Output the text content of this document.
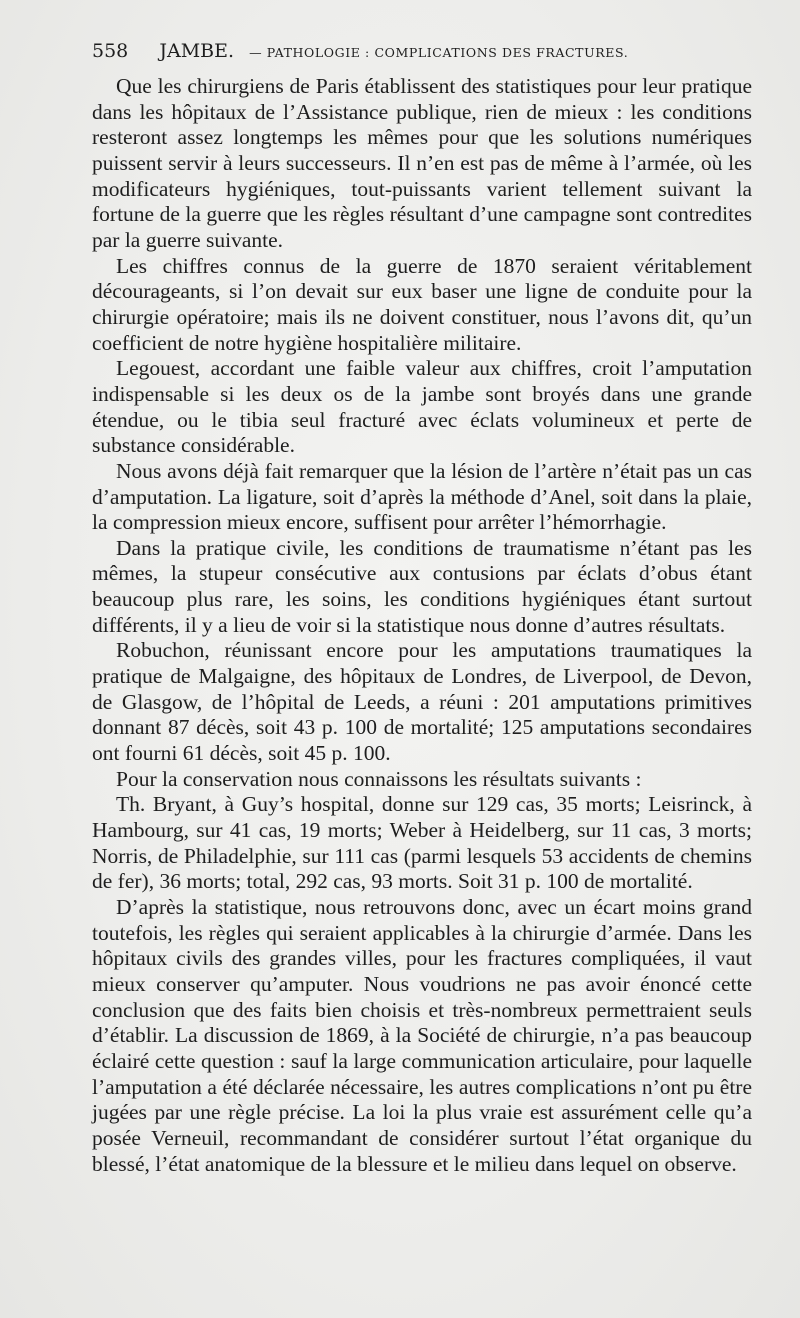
558 JAMBE. — PATHOLOGIE : COMPLICATIONS DES FRACTURES.

Que les chirurgiens de Paris établissent des statistiques pour leur pratique dans les hôpitaux de l’Assistance publique, rien de mieux : les conditions resteront assez longtemps les mêmes pour que les solutions numériques puissent servir à leurs successeurs. Il n’en est pas de même à l’armée, où les modificateurs hygiéniques, tout-puissants varient tellement suivant la fortune de la guerre que les règles résultant d’une campagne sont contredites par la guerre suivante.

Les chiffres connus de la guerre de 1870 seraient véritablement décourageants, si l’on devait sur eux baser une ligne de conduite pour la chirurgie opératoire; mais ils ne doivent constituer, nous l’avons dit, qu’un coefficient de notre hygiène hospitalière militaire.

Legouest, accordant une faible valeur aux chiffres, croit l’amputation indispensable si les deux os de la jambe sont broyés dans une grande étendue, ou le tibia seul fracturé avec éclats volumineux et perte de substance considérable.

Nous avons déjà fait remarquer que la lésion de l’artère n’était pas un cas d’amputation. La ligature, soit d’après la méthode d’Anel, soit dans la plaie, la compression mieux encore, suffisent pour arrêter l’hémorrhagie.

Dans la pratique civile, les conditions de traumatisme n’étant pas les mêmes, la stupeur consécutive aux contusions par éclats d’obus étant beaucoup plus rare, les soins, les conditions hygiéniques étant surtout différents, il y a lieu de voir si la statistique nous donne d’autres résultats.

Robuchon, réunissant encore pour les amputations traumatiques la pratique de Malgaigne, des hôpitaux de Londres, de Liverpool, de Devon, de Glasgow, de l’hôpital de Leeds, a réuni : 201 amputations primitives donnant 87 décès, soit 43 p. 100 de mortalité; 125 amputations secondaires ont fourni 61 décès, soit 45 p. 100.

Pour la conservation nous connaissons les résultats suivants :

Th. Bryant, à Guy’s hospital, donne sur 129 cas, 35 morts; Leisrinck, à Hambourg, sur 41 cas, 19 morts; Weber à Heidelberg, sur 11 cas, 3 morts; Norris, de Philadelphie, sur 111 cas (parmi lesquels 53 accidents de chemins de fer), 36 morts; total, 292 cas, 93 morts. Soit 31 p. 100 de mortalité.

D’après la statistique, nous retrouvons donc, avec un écart moins grand toutefois, les règles qui seraient applicables à la chirurgie d’armée. Dans les hôpitaux civils des grandes villes, pour les fractures compliquées, il vaut mieux conserver qu’amputer. Nous voudrions ne pas avoir énoncé cette conclusion que des faits bien choisis et très-nombreux permettraient seuls d’établir. La discussion de 1869, à la Société de chirurgie, n’a pas beaucoup éclairé cette question : sauf la large communication articulaire, pour laquelle l’amputation a été déclarée nécessaire, les autres complications n’ont pu être jugées par une règle précise. La loi la plus vraie est assurément celle qu’a posée Verneuil, recommandant de considérer surtout l’état organique du blessé, l’état anatomique de la blessure et le milieu dans lequel on observe.
